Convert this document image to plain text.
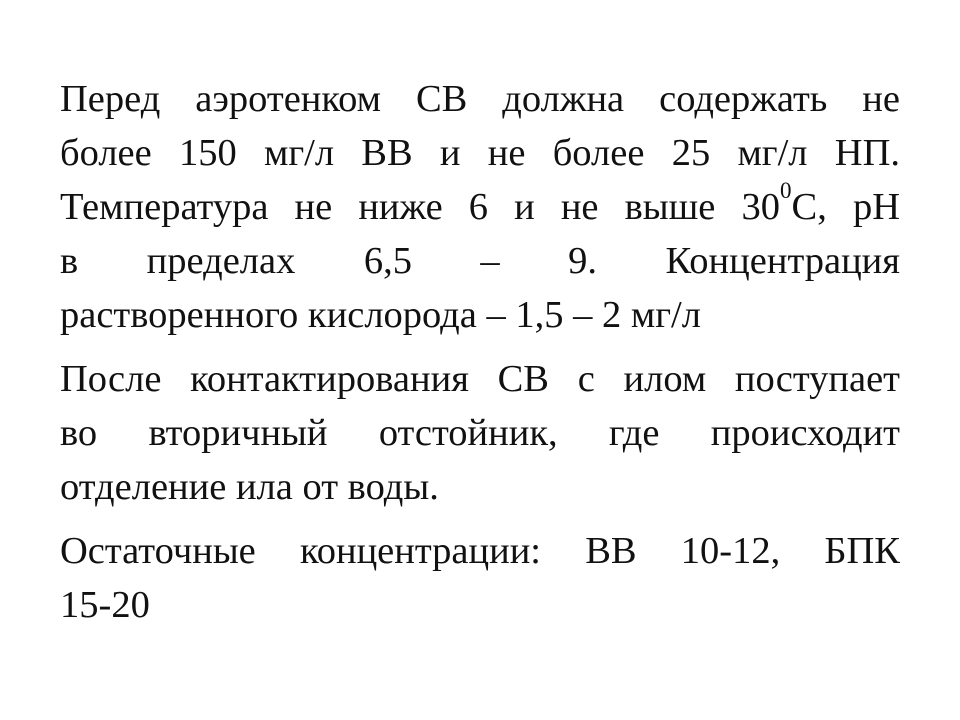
Перед аэротенком СВ должна содержать не
более 150 мг/л ВВ и не более 25 мг/л НП.
Температура не ниже 6 и не выше $30^0С$, рН
в пределах 6,5 – 9. Концентрация
растворенного кислорода – 1,5 – 2 мг/л
После контактирования СВ с илом поступает
во вторичный отстойник, где происходит
отделение ила от воды.
Остаточные концентрации: ВВ 10-12, БПК
15-20
